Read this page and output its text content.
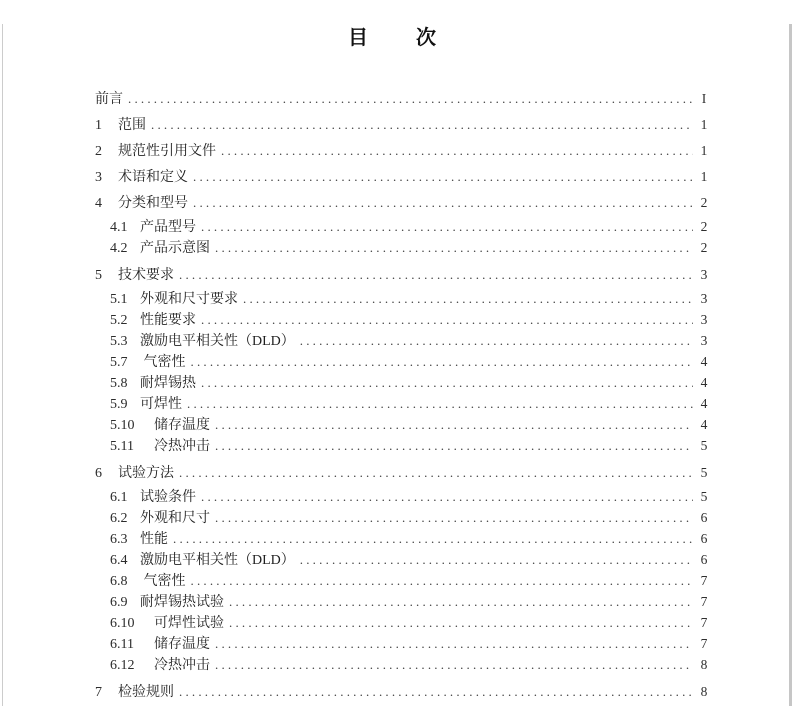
目　次
前言 .....	I
1	范围 .....	1
2	规范性引用文件 .....	1
3	术语和定义 .....	1
4	分类和型号 .....	2
4.1 产品型号 .....	2
4.2 产品示意图 .....	2
5	技术要求 .....	3
5.1 外观和尺寸要求 .....	3
5.2 性能要求 .....	3
5.3 激励电平相关性（DLD） .....	3
5.7 气密性 .....	4
5.8 耐焊锡热 .....	4
5.9 可焊性 .....	4
5.10 　储存温度 .....	4
5.11 　冷热冲击 .....	5
6	试验方法 .....	5
6.1 试验条件 .....	5
6.2 外观和尺寸 .....	6
6.3 性能 .....	6
6.4 激励电平相关性（DLD） .....	6
6.8 气密性 .....	7
6.9 耐焊锡热试验 .....	7
6.10 　可焊性试验 .....	7
6.11 　储存温度 .....	7
6.12 　冷热冲击 .....	8
7	检验规则 .....	8
